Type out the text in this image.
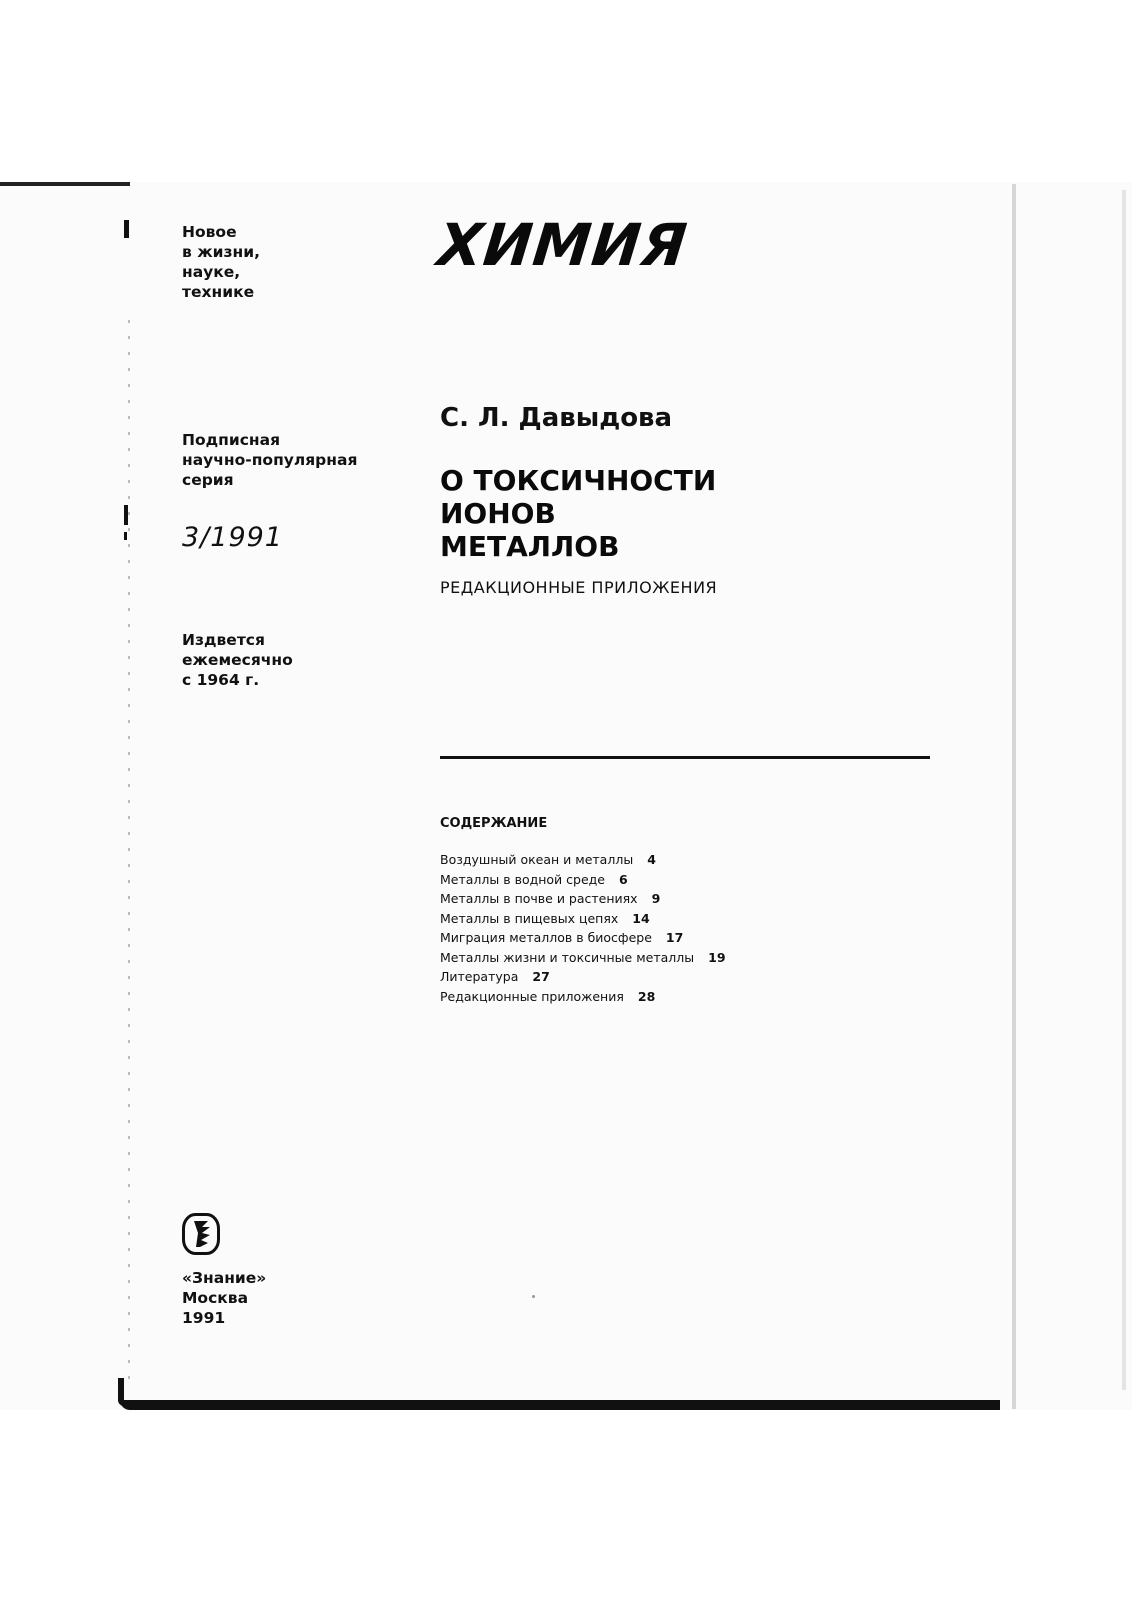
Новое
в жизни,
науке,
технике
Подписная
научно-популярная
серия
3/1991
Издвется
ежемесячно
с 1964 г.
«Знание»
Москва
1991
ХИМИЯ
С. Л. Давыдова
О ТОКСИЧНОСТИ
ИОНОВ
МЕТАЛЛОВ
РЕДАКЦИОННЫЕ ПРИЛОЖЕНИЯ
СОДЕРЖАНИЕ
Воздушный океан и металлы 4
Металлы в водной среде 6
Металлы в почве и растениях 9
Металлы в пищевых цепях 14
Миграция металлов в биосфере 17
Металлы жизни и токсичные металлы 19
Литература 27
Редакционные приложения 28
